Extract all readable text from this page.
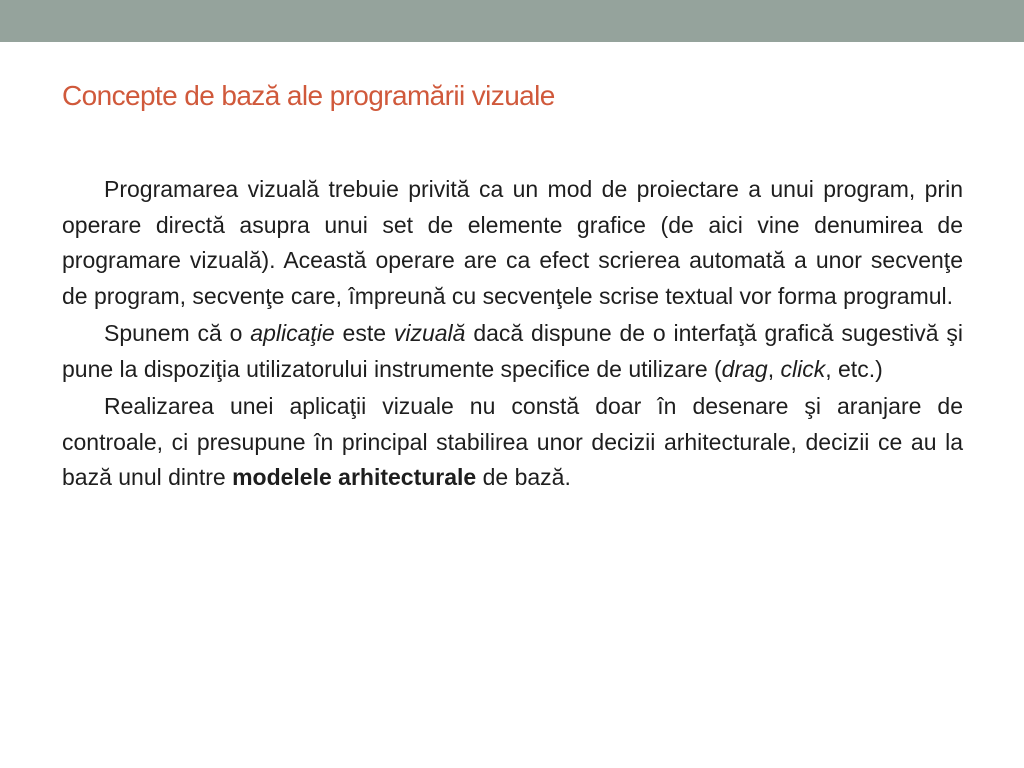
Concepte de bază ale programării vizuale

Programarea vizuală trebuie privită ca un mod de proiectare a unui program, prin operare directă asupra unui set de elemente grafice (de aici vine denumirea de programare vizuală). Această operare are ca efect scrierea automată a unor secvenţe de program, secvenţe care, împreună cu secvenţele scrise textual vor forma programul.

Spunem că o aplicaţie este vizuală dacă dispune de o interfaţă grafică sugestivă şi pune la dispoziţia utilizatorului instrumente specifice de utilizare (drag, click, etc.)

Realizarea unei aplicaţii vizuale nu constă doar în desenare şi aranjare de controale, ci presupune în principal stabilirea unor decizii arhitecturale, decizii ce au la bază unul dintre modelele arhitecturale de bază.
